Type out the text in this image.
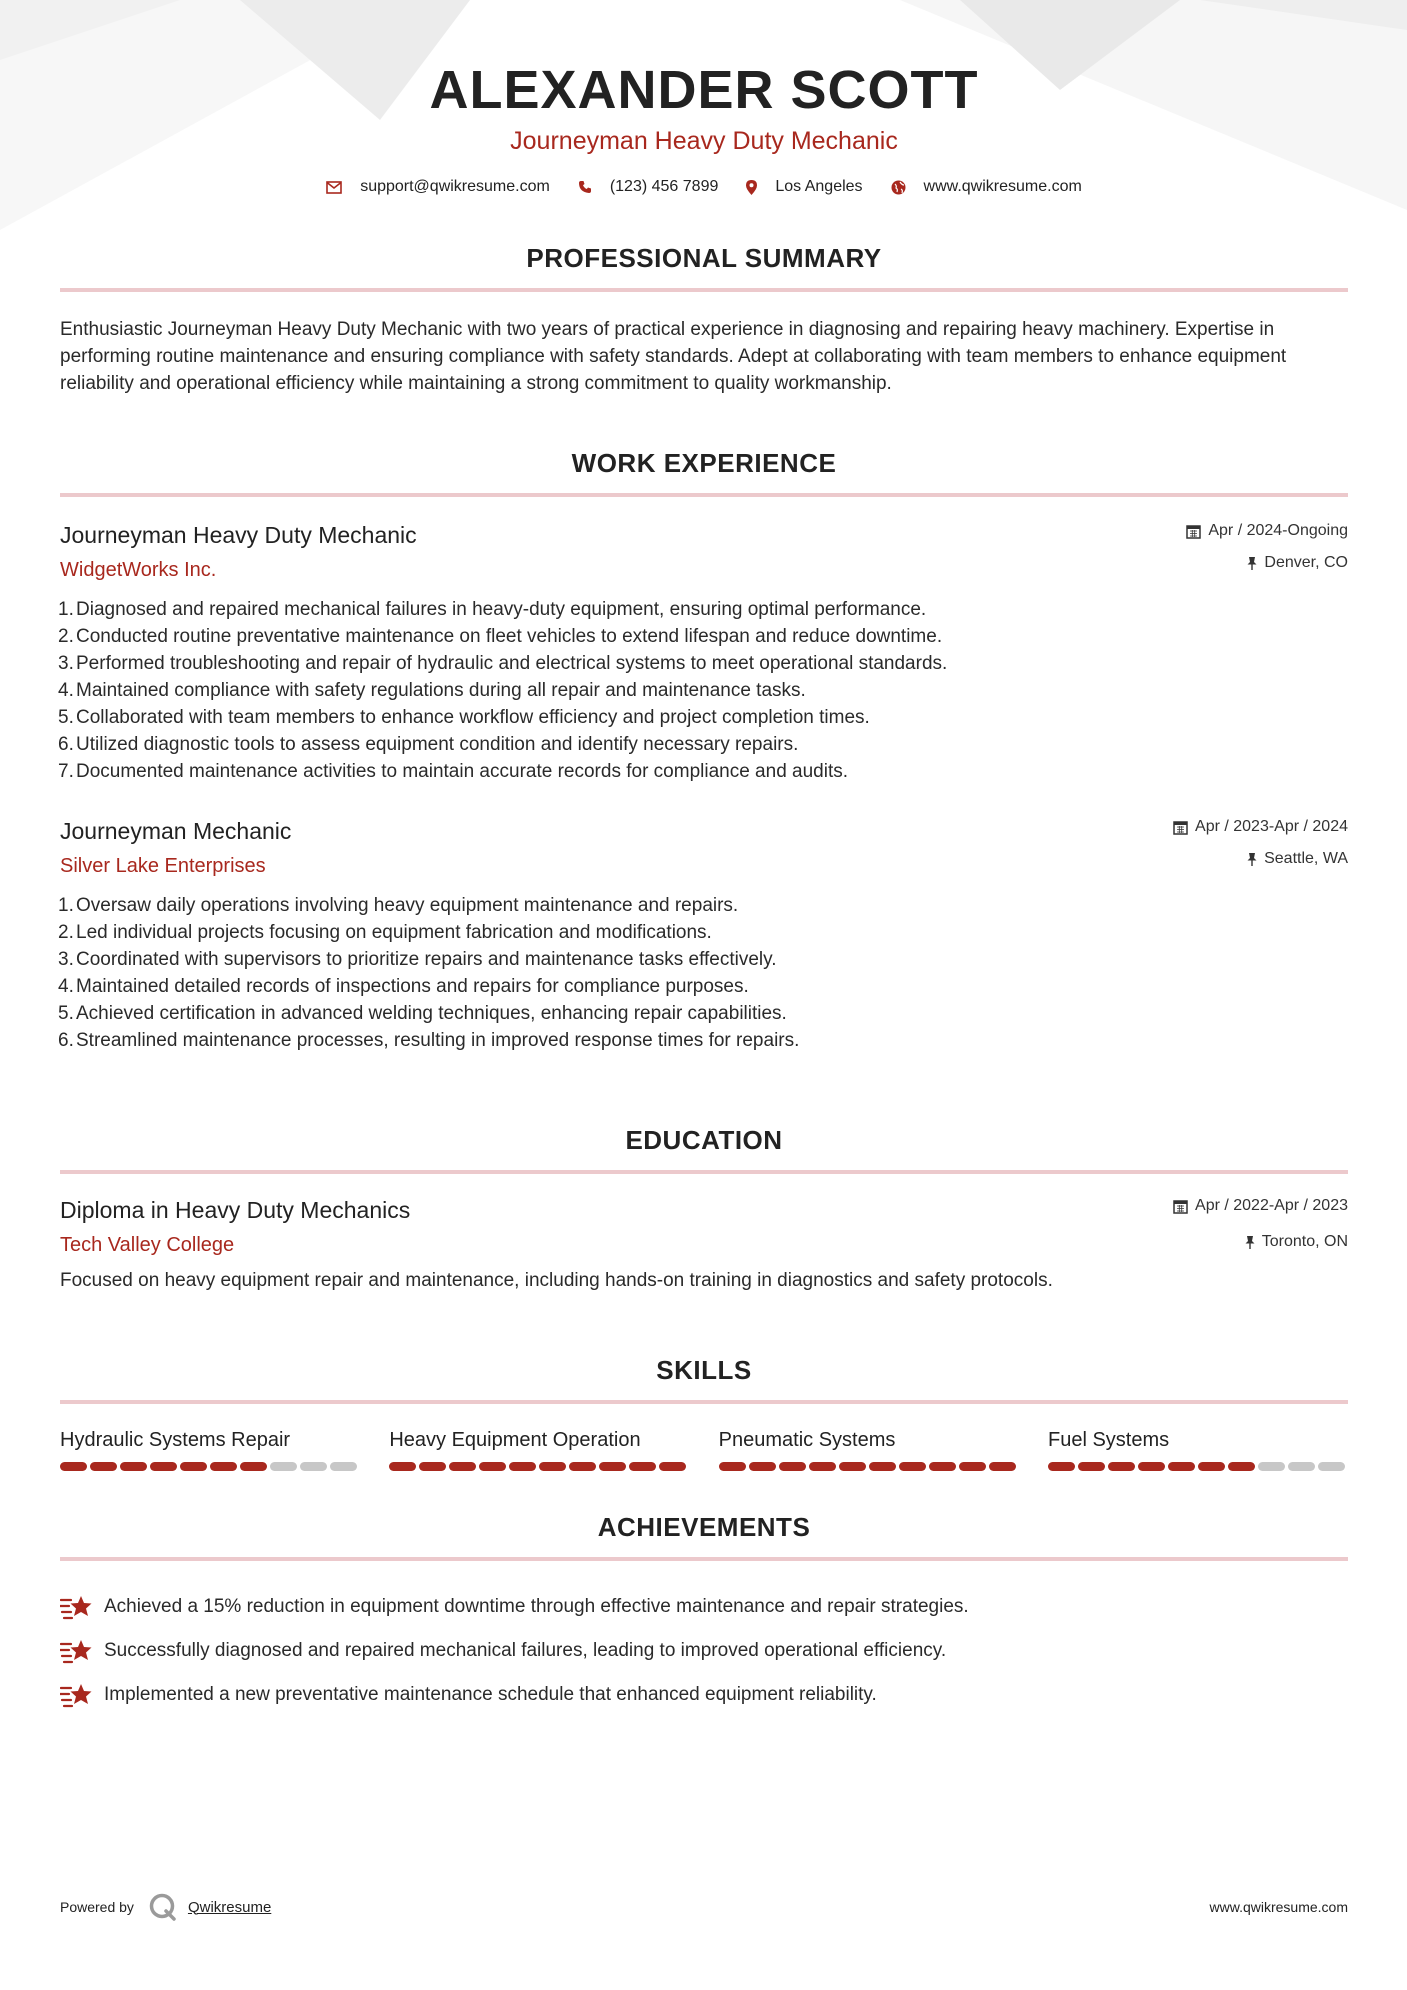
ALEXANDER SCOTT
Journeyman Heavy Duty Mechanic
support@qwikresume.com	(123) 456 7899	Los Angeles	www.qwikresume.com
PROFESSIONAL SUMMARY

Enthusiastic Journeyman Heavy Duty Mechanic with two years of practical experience in diagnosing and repairing heavy machinery. Expertise in performing routine maintenance and ensuring compliance with safety standards. Adept at collaborating with team members to enhance equipment reliability and operational efficiency while maintaining a strong commitment to quality workmanship.

WORK EXPERIENCE
Journeyman Heavy Duty Mechanic
WidgetWorks Inc.
Apr / 2024-Ongoing
Denver, CO
1. Diagnosed and repaired mechanical failures in heavy-duty equipment, ensuring optimal performance.
2. Conducted routine preventative maintenance on fleet vehicles to extend lifespan and reduce downtime.
3. Performed troubleshooting and repair of hydraulic and electrical systems to meet operational standards.
4. Maintained compliance with safety regulations during all repair and maintenance tasks.
5. Collaborated with team members to enhance workflow efficiency and project completion times.
6. Utilized diagnostic tools to assess equipment condition and identify necessary repairs.
7. Documented maintenance activities to maintain accurate records for compliance and audits.
Journeyman Mechanic
Silver Lake Enterprises
Apr / 2023-Apr / 2024
Seattle, WA
1. Oversaw daily operations involving heavy equipment maintenance and repairs.
2. Led individual projects focusing on equipment fabrication and modifications.
3. Coordinated with supervisors to prioritize repairs and maintenance tasks effectively.
4. Maintained detailed records of inspections and repairs for compliance purposes.
5. Achieved certification in advanced welding techniques, enhancing repair capabilities.
6. Streamlined maintenance processes, resulting in improved response times for repairs.
EDUCATION
Diploma in Heavy Duty Mechanics
Tech Valley College
Apr / 2022-Apr / 2023
Toronto, ON
Focused on heavy equipment repair and maintenance, including hands-on training in diagnostics and safety protocols.
SKILLS
Hydraulic Systems Repair	Heavy Equipment Operation	Pneumatic Systems	Fuel Systems
ACHIEVEMENTS
Achieved a 15% reduction in equipment downtime through effective maintenance and repair strategies.
Successfully diagnosed and repaired mechanical failures, leading to improved operational efficiency.
Implemented a new preventative maintenance schedule that enhanced equipment reliability.
Powered by	Qwikresume	www.qwikresume.com
